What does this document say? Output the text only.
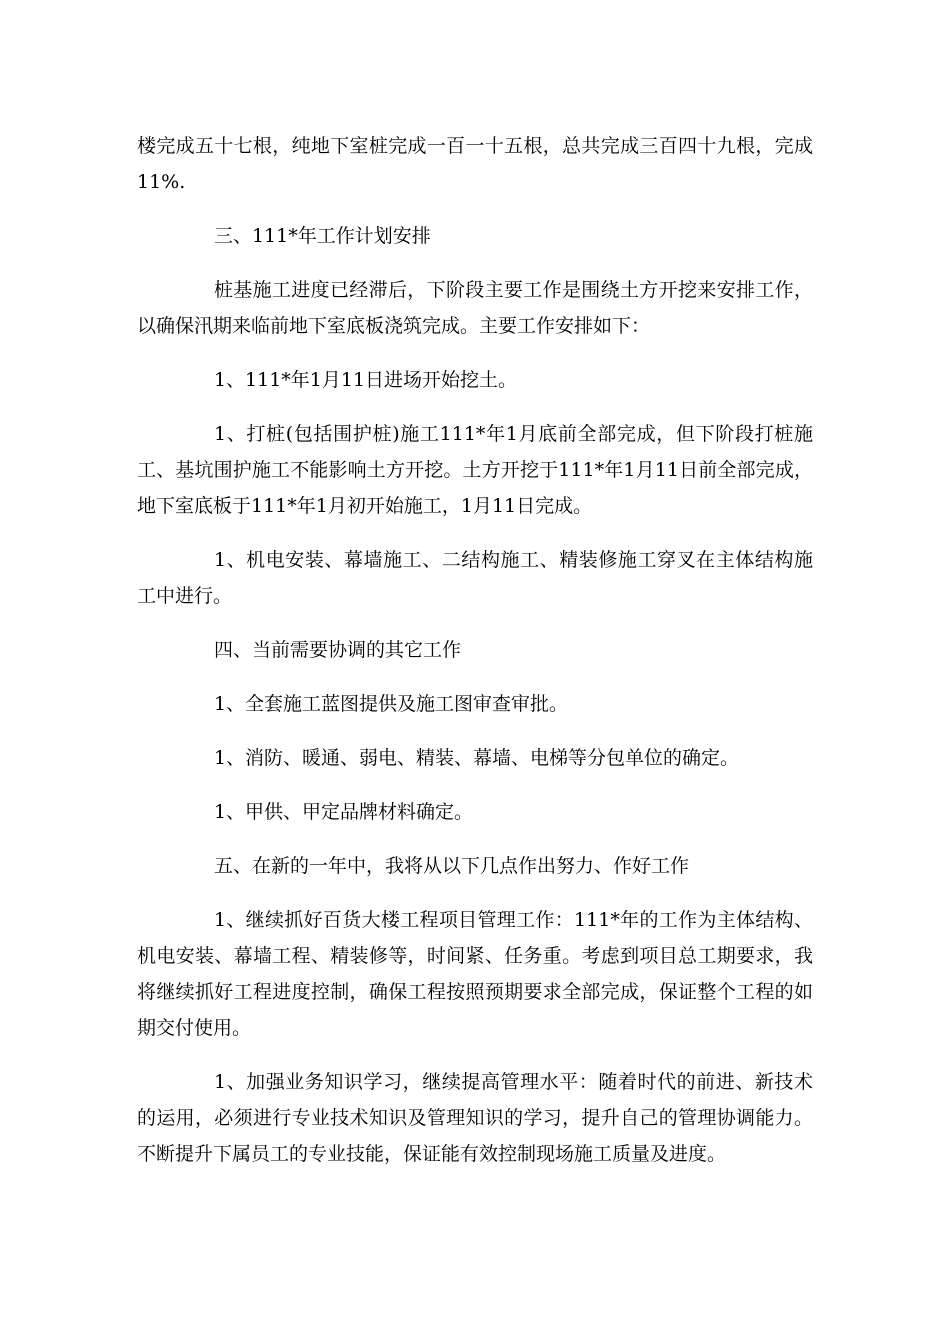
楼完成五十七根，纯地下室桩完成一百一十五根，总共完成三百四十九根，完成11%.

三、111*年工作计划安排

桩基施工进度已经滞后，下阶段主要工作是围绕土方开挖来安排工作，以确保汛期来临前地下室底板浇筑完成。主要工作安排如下：

1、111*年1月11日进场开始挖土。

1、打桩(包括围护桩)施工111*年1月底前全部完成，但下阶段打桩施工、基坑围护施工不能影响土方开挖。土方开挖于111*年1月11日前全部完成，地下室底板于111*年1月初开始施工，1月11日完成。

1、机电安装、幕墙施工、二结构施工、精装修施工穿叉在主体结构施工中进行。

四、当前需要协调的其它工作

1、全套施工蓝图提供及施工图审查审批。

1、消防、暖通、弱电、精装、幕墙、电梯等分包单位的确定。

1、甲供、甲定品牌材料确定。

五、在新的一年中，我将从以下几点作出努力、作好工作

1、继续抓好百货大楼工程项目管理工作：111*年的工作为主体结构、机电安装、幕墙工程、精装修等，时间紧、任务重。考虑到项目总工期要求，我将继续抓好工程进度控制，确保工程按照预期要求全部完成，保证整个工程的如期交付使用。

1、加强业务知识学习，继续提高管理水平：随着时代的前进、新技术的运用，必须进行专业技术知识及管理知识的学习，提升自己的管理协调能力。不断提升下属员工的专业技能，保证能有效控制现场施工质量及进度。
